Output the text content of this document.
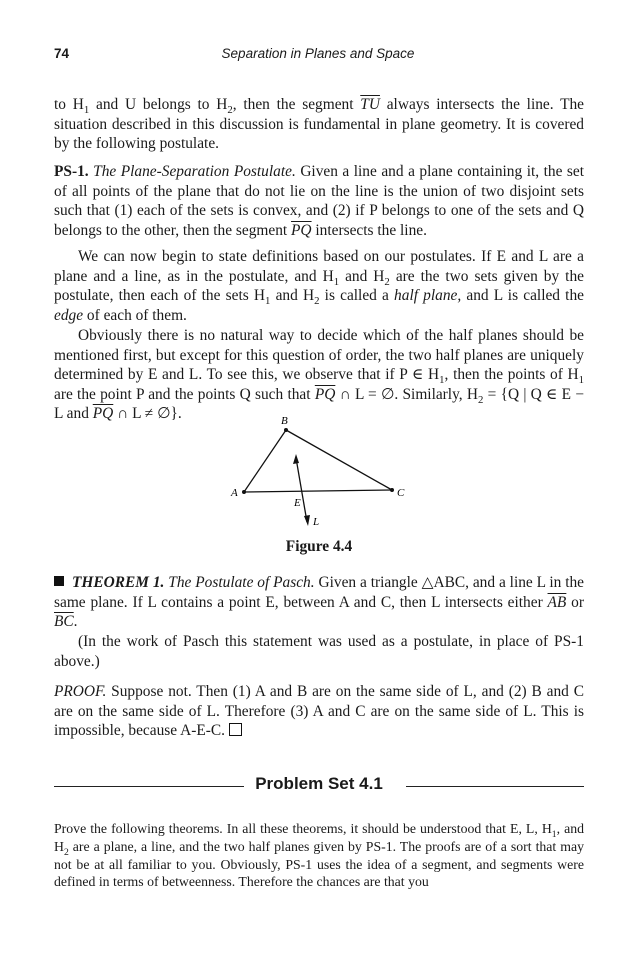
74	Separation in Planes and Space

to $H_1$ and U belongs to $H_2$, then the segment $\overline{TU}$ always intersects the line. The situation described in this discussion is fundamental in plane geometry. It is covered by the following postulate.

PS-1. The Plane-Separation Postulate. Given a line and a plane containing it, the set of all points of the plane that do not lie on the line is the union of two disjoint sets such that (1) each of the sets is convex, and (2) if P belongs to one of the sets and Q belongs to the other, then the segment $\overline{PQ}$ intersects the line.

We can now begin to state definitions based on our postulates. If E and L are a plane and a line, as in the postulate, and $H_1$ and $H_2$ are the two sets given by the postulate, then each of the sets $H_1$ and $H_2$ is called a half plane, and L is called the edge of each of them.

Obviously there is no natural way to decide which of the half planes should be mentioned first, but except for this question of order, the two half planes are uniquely determined by E and L. To see this, we observe that if P ∈ $H_1$, then the points of $H_1$ are the point P and the points Q such that $\overline{PQ}$ ∩ L = ∅. Similarly, $H_2 = \{Q$ | Q ∈ E − L and $\overline{PQ}$ ∩ L ≠ ∅}.	B
A	C
E
L
Figure 4.4

THEOREM 1. The Postulate of Pasch. Given a triangle △ABC, and a line L in the same plane. If L contains a point E, between A and C, then L intersects either $\overline{AB}$ or $\overline{BC}$.

(In the work of Pasch this statement was used as a postulate, in place of PS-1 above.)

PROOF. Suppose not. Then (1) A and B are on the same side of L, and (2) B and C are on the same side of L. Therefore (3) A and C are on the same side of L. This is impossible, because A-E-C.

Problem Set 4.1

Prove the following theorems. In all these theorems, it should be understood that E, L, $H_1$, and $H_2$ are a plane, a line, and the two half planes given by PS-1. The proofs are of a sort that may not be at all familiar to you. Obviously, PS-1 uses the idea of a segment, and segments were defined in terms of betweenness. Therefore the chances are that you
